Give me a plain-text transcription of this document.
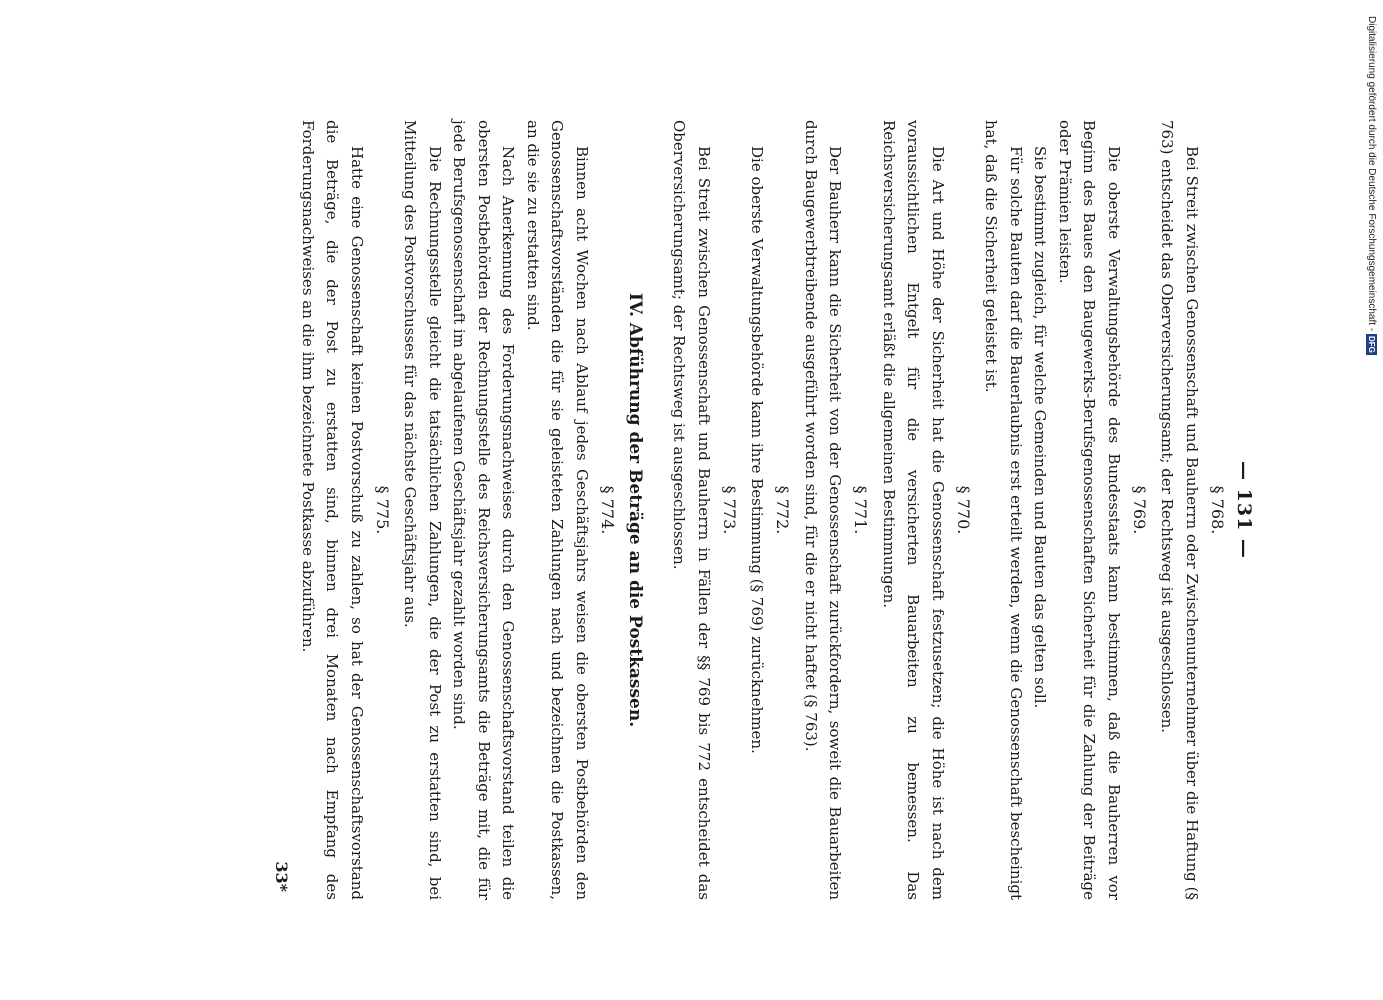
— 131 —
§ 768.

Bei Streit zwischen Genossenschaft und Bauherrn oder Zwischenunternehmer über die Haftung (§ 763) entscheidet das Oberversicherungsamt; der Rechtsweg ist ausgeschlossen.

§ 769.

Die oberste Verwaltungsbehörde des Bundesstaats kann bestimmen, daß die Bauherren vor Beginn des Baues den Baugewerks-Berufsgenossenschaften Sicherheit für die Zahlung der Beiträge oder Prämien leisten.

Sie bestimmt zugleich, für welche Gemeinden und Bauten das gelten soll.

Für solche Bauten darf die Bauerlaubnis erst erteilt werden, wenn die Genossenschaft bescheinigt hat, daß die Sicherheit geleistet ist.

§ 770.

Die Art und Höhe der Sicherheit hat die Genossenschaft festzusetzen; die Höhe ist nach dem voraussichtlichen Entgelt für die versicherten Bauarbeiten zu bemessen. Das Reichsversicherungsamt erläßt die allgemeinen Bestimmungen.

§ 771.

Der Bauherr kann die Sicherheit von der Genossenschaft zurückfordern, soweit die Bauarbeiten durch Baugewerbtreibende ausgeführt worden sind, für die er nicht haftet (§ 763).

§ 772.

Die oberste Verwaltungsbehörde kann ihre Bestimmung (§ 769) zurücknehmen.

§ 773.

Bei Streit zwischen Genossenschaft und Bauherrn in Fällen der §§ 769 bis 772 entscheidet das Oberversicherungsamt; der Rechtsweg ist ausgeschlossen.

IV. Abführung der Beträge an die Postkassen.
§ 774.

Binnen acht Wochen nach Ablauf jedes Geschäftsjahrs weisen die obersten Postbehörden den Genossenschaftsvorständen die für sie geleisteten Zahlungen nach und bezeichnen die Postkassen, an die sie zu erstatten sind.

Nach Anerkennung des Forderungsnachweises durch den Genossenschaftsvorstand teilen die obersten Postbehörden der Rechnungsstelle des Reichsversicherungsamts die Beträge mit, die für jede Berufsgenossenschaft im abgelaufenen Geschäftsjahr gezahlt worden sind.

Die Rechnungsstelle gleicht die tatsächlichen Zahlungen, die der Post zu erstatten sind, bei Mitteilung des Postvorschusses für das nächste Geschäftsjahr aus.

§ 775.

Hatte eine Genossenschaft keinen Postvorschuß zu zahlen, so hat der Genossenschaftsvorstand die Beträge, die der Post zu erstatten sind, binnen drei Monaten nach Empfang des Forderungsnachweises an die ihm bezeichnete Postkasse abzuführen.

33*
Digitalisierung gefördert durch die Deutsche Forschungsgemeinschaft - DFG
